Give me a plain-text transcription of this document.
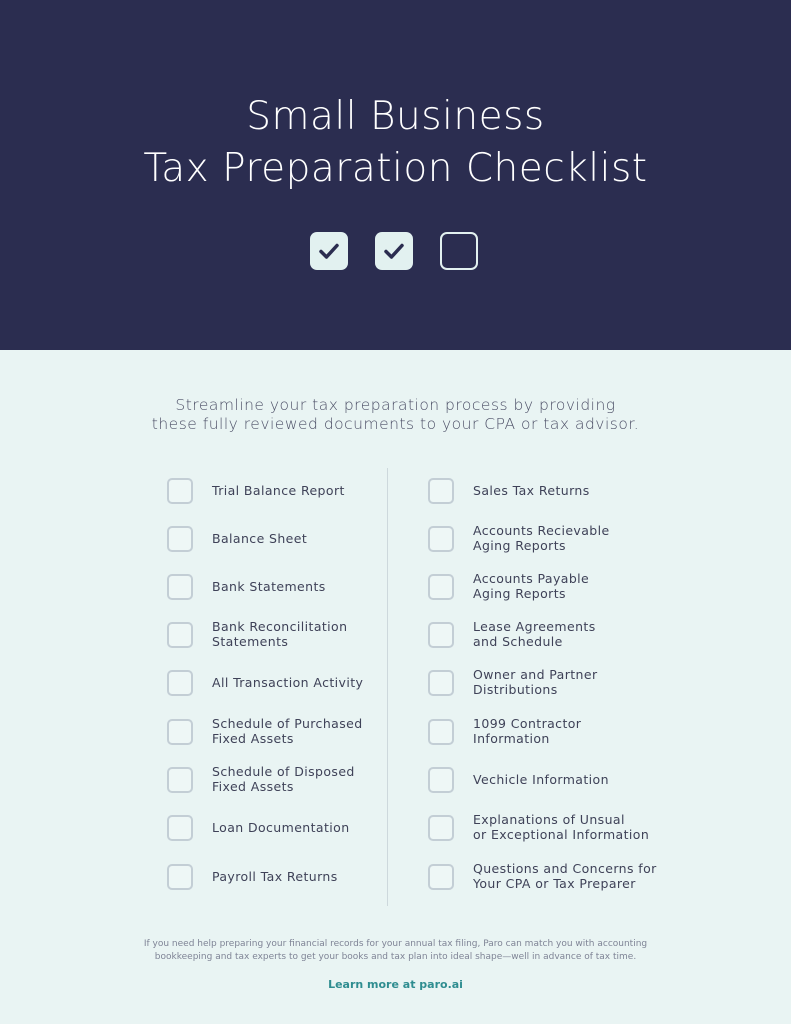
Small Business
Tax Preparation Checklist
Streamline your tax preparation process by providing
these fully reviewed documents to your CPA or tax advisor.
Trial Balance Report
Balance Sheet
Bank Statements
Bank Reconcilitation
Statements
All Transaction Activity
Schedule of Purchased
Fixed Assets
Schedule of Disposed
Fixed Assets
Loan Documentation
Payroll Tax Returns
Sales Tax Returns
Accounts Recievable
Aging Reports
Accounts Payable
Aging Reports
Lease Agreements
and Schedule
Owner and Partner
Distributions
1099 Contractor
Information
Vechicle Information
Explanations of Unsual
or Exceptional Information
Questions and Concerns for
Your CPA or Tax Preparer
If you need help preparing your financial records for your annual tax filing, Paro can match you with accounting
bookkeeping and tax experts to get your books and tax plan into ideal shape—well in advance of tax time.
Learn more at paro.ai
